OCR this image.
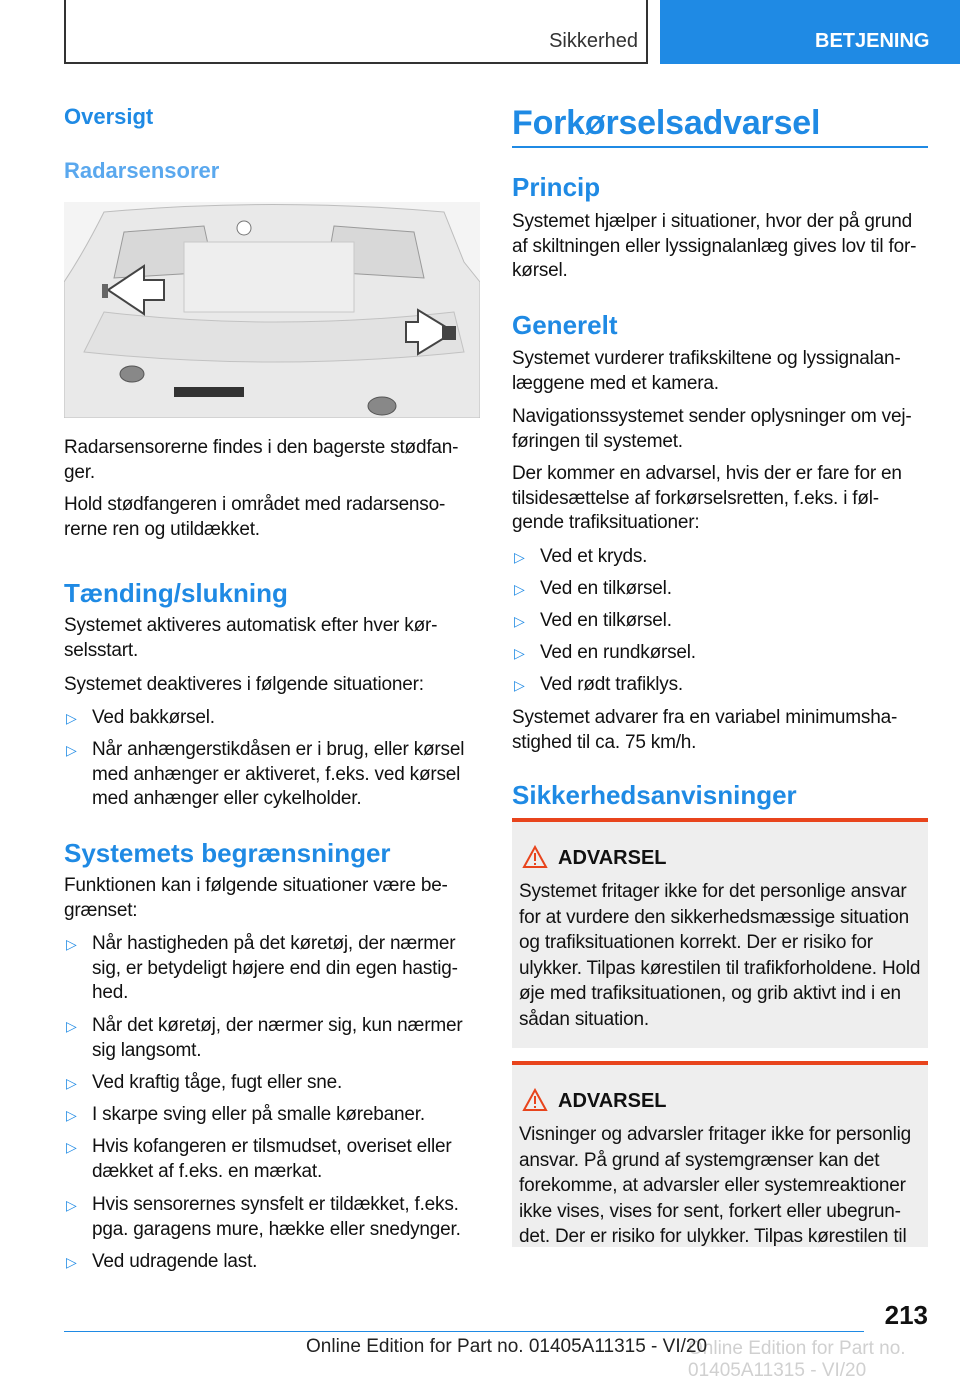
Sikkerhed	BETJENING
Oversigt
Radarsensorer

Radarsensorerne findes i den bagerste stødfan-ger.

Hold stødfangeren i området med radarsenso-rerne ren og utildækket.

Tænding/slukning

Systemet aktiveres automatisk efter hver kør-selsstart.

Systemet deaktiveres i følgende situationer:

▷ Ved bakkørsel.

▷ Når anhængerstikdåsen er i brug, eller kørsel med anhænger er aktiveret, f.eks. ved kørsel med anhænger eller cykelholder.

Systemets begrænsninger

Funktionen kan i følgende situationer være be-grænset:

▷ Når hastigheden på det køretøj, der nærmer sig, er betydeligt højere end din egen hastig-hed.

▷ Når det køretøj, der nærmer sig, kun nærmer sig langsomt.

▷ Ved kraftig tåge, fugt eller sne.

▷ I skarpe sving eller på smalle kørebaner.

▷ Hvis kofangeren er tilsmudset, overiset eller dækket af f.eks. en mærkat.

▷ Hvis sensorernes synsfelt er tildækket, f.eks. pga. garagens mure, hække eller snedynger.

▷ Ved udragende last.

Forkørselsadvarsel
Princip

Systemet hjælper i situationer, hvor der på grund af skiltningen eller lyssignalanlæg gives lov til for-kørsel.

Generelt

Systemet vurderer trafikskiltene og lyssignalan-læggene med et kamera.

Navigationssystemet sender oplysninger om vej-føringen til systemet.

Der kommer en advarsel, hvis der er fare for en tilsidesættelse af forkørselsretten, f.eks. i føl-gende trafiksituationer:

▷ Ved et kryds.

▷ Ved en tilkørsel.

▷ Ved en tilkørsel.

▷ Ved en rundkørsel.

▷ Ved rødt trafiklys.

Systemet advarer fra en variabel minimumsha-stighed til ca. 75 km/h.

Sikkerhedsanvisninger
ADVARSEL
Systemet fritager ikke for det personlige ansvar for at vurdere den sikkerhedsmæssige situation og trafiksituationen korrekt. Der er risiko for ulykker. Tilpas kørestilen til trafikforholdene. Hold øje med trafiksituationen, og grib aktivt ind i en sådan situation.
ADVARSEL
Visninger og advarsler fritager ikke for personlig ansvar. På grund af systemgrænser kan det forekomme, at advarsler eller systemreaktioner ikke vises, vises for sent, forkert eller ubegrun-det. Der er risiko for ulykker. Tilpas kørestilen til
213
Online Edition for Part no. 01405A11315 - VI/20
Online Edition for Part no. 01405A11315 - VI/20
